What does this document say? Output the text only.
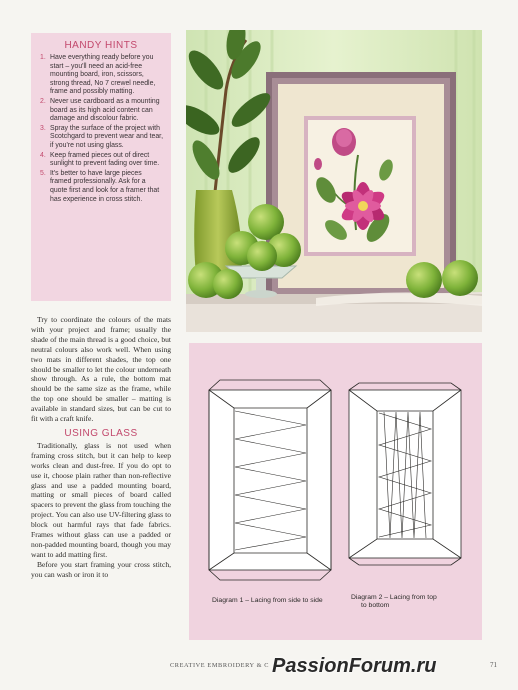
HANDY HINTS
1. Have everything ready before you start – you'll need an acid-free mounting board, iron, scissors, strong thread, No 7 crewel needle, frame and possibly matting.
2. Never use cardboard as a mounting board as its high acid content can damage and discolour fabric.
3. Spray the surface of the project with Scotchgard to prevent wear and tear, if you're not using glass.
4. Keep framed pieces out of direct sunlight to prevent fading over time.
5. It's better to have large pieces framed professionally. Ask for a quote first and look for a framer that has experience in cross stitch.

Try to coordinate the colours of the mats with your project and frame; usually the shade of the main thread is a good choice, but neutral colours also work well. When using two mats in different shades, the top one should be smaller to let the colour underneath show through. As a rule, the bottom mat should be the same size as the frame, while the top one should be smaller – matting is available in standard sizes, but can be cut to fit with a craft knife.

USING GLASS

Traditionally, glass is not used when framing cross stitch, but it can help to keep works clean and dust-free. If you do opt to use it, choose plain rather than non-reflective glass and use a padded mounting board, matting or small pieces of board called spacers to prevent the glass from touching the project. You can also use UV-filtering glass to block out harmful rays that fade fabrics. Frames without glass can use a padded or non-padded mounting board, though you may want to add matting first.

Before you start framing your cross stitch, you can wash or iron it to

Diagram 1 – Lacing from side to side	Diagram 2 – Lacing from top
to bottom
CREATIVE EMBROIDERY & C PassionForum.ru	71
